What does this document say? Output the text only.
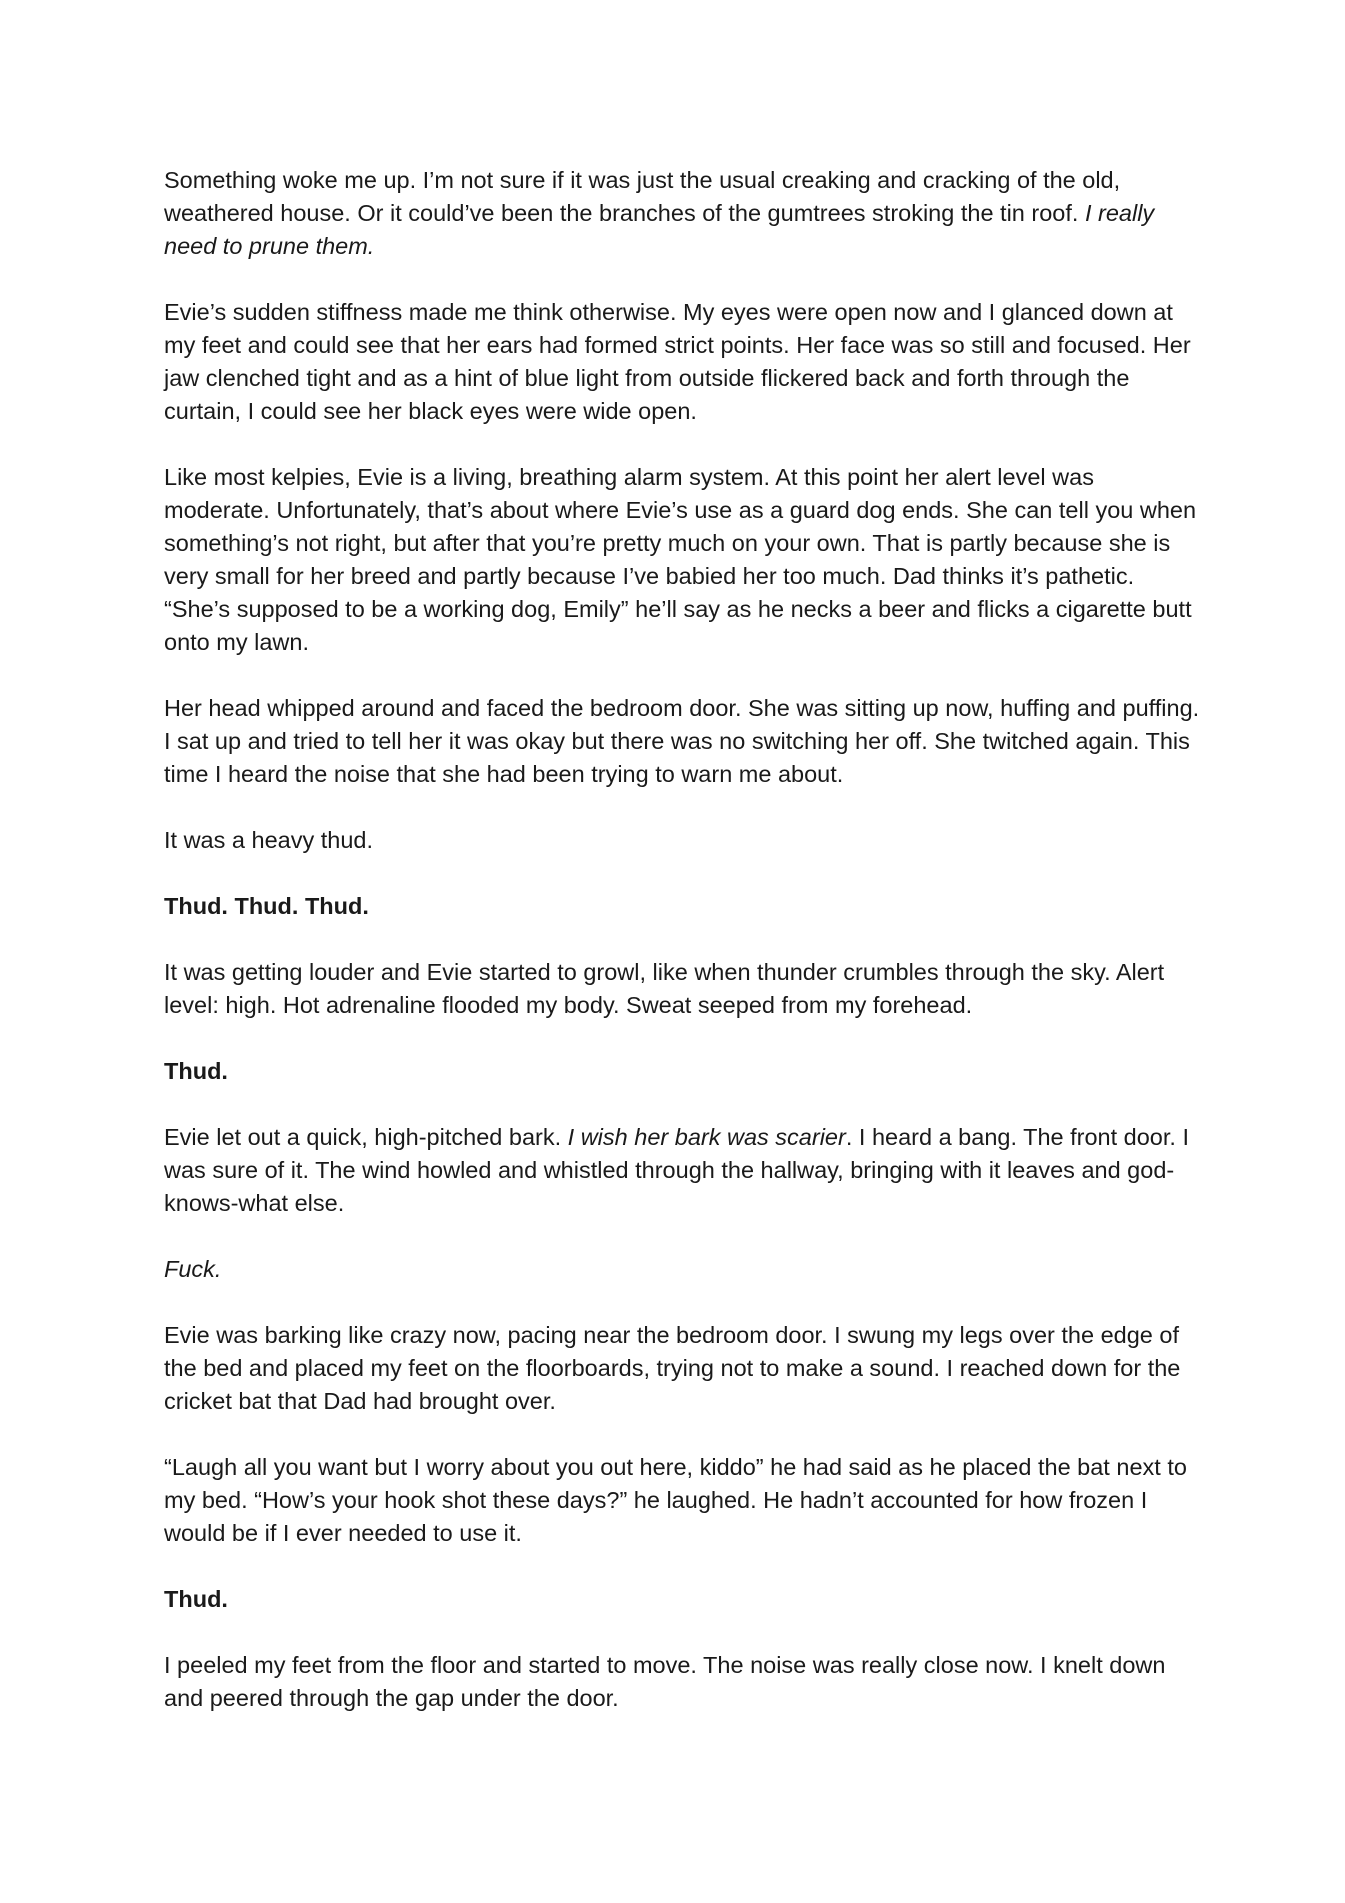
Something woke me up. I’m not sure if it was just the usual creaking and cracking of the old, weathered house. Or it could’ve been the branches of the gumtrees stroking the tin roof. I really need to prune them.

Evie’s sudden stiffness made me think otherwise. My eyes were open now and I glanced down at my feet and could see that her ears had formed strict points. Her face was so still and focused. Her jaw clenched tight and as a hint of blue light from outside flickered back and forth through the curtain, I could see her black eyes were wide open.

Like most kelpies, Evie is a living, breathing alarm system. At this point her alert level was moderate. Unfortunately, that’s about where Evie’s use as a guard dog ends. She can tell you when something’s not right, but after that you’re pretty much on your own. That is partly because she is very small for her breed and partly because I’ve babied her too much. Dad thinks it’s pathetic. “She’s supposed to be a working dog, Emily” he’ll say as he necks a beer and flicks a cigarette butt onto my lawn.

Her head whipped around and faced the bedroom door. She was sitting up now, huffing and puffing. I sat up and tried to tell her it was okay but there was no switching her off. She twitched again. This time I heard the noise that she had been trying to warn me about.

It was a heavy thud.

Thud. Thud. Thud.

It was getting louder and Evie started to growl, like when thunder crumbles through the sky. Alert level: high. Hot adrenaline flooded my body. Sweat seeped from my forehead.

Thud.

Evie let out a quick, high-pitched bark. I wish her bark was scarier. I heard a bang. The front door. I was sure of it. The wind howled and whistled through the hallway, bringing with it leaves and god-knows-what else.

Fuck.

Evie was barking like crazy now, pacing near the bedroom door. I swung my legs over the edge of the bed and placed my feet on the floorboards, trying not to make a sound. I reached down for the cricket bat that Dad had brought over.

“Laugh all you want but I worry about you out here, kiddo” he had said as he placed the bat next to my bed. “How’s your hook shot these days?” he laughed. He hadn’t accounted for how frozen I would be if I ever needed to use it.

Thud.

I peeled my feet from the floor and started to move. The noise was really close now. I knelt down and peered through the gap under the door.
